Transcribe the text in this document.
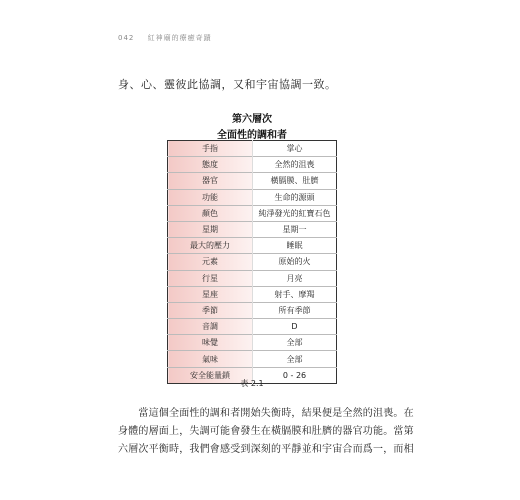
042 紅神廟的療癒奇蹟
身、心、靈彼此協調，又和宇宙協調一致。
第六層次
全面性的調和者
手指	掌心
態度	全然的沮喪
器官	橫膈膜、肚臍
功能	生命的源頭
顏色	純淨發光的紅寶石色
星期	星期一
最大的壓力	睡眠
元素	原始的火
行星	月亮
星座	射手、摩羯
季節	所有季節
音調	D
味覺	全部
氣味	全部
安全能量鎖	0 - 26
表 2.1
　　當這個全面性的調和者開始失衡時，結果便是全然的沮喪。在
身體的層面上，失調可能會發生在橫膈膜和肚臍的器官功能。當第
六層次平衡時，我們會感受到深刻的平靜並和宇宙合而爲一，而相
